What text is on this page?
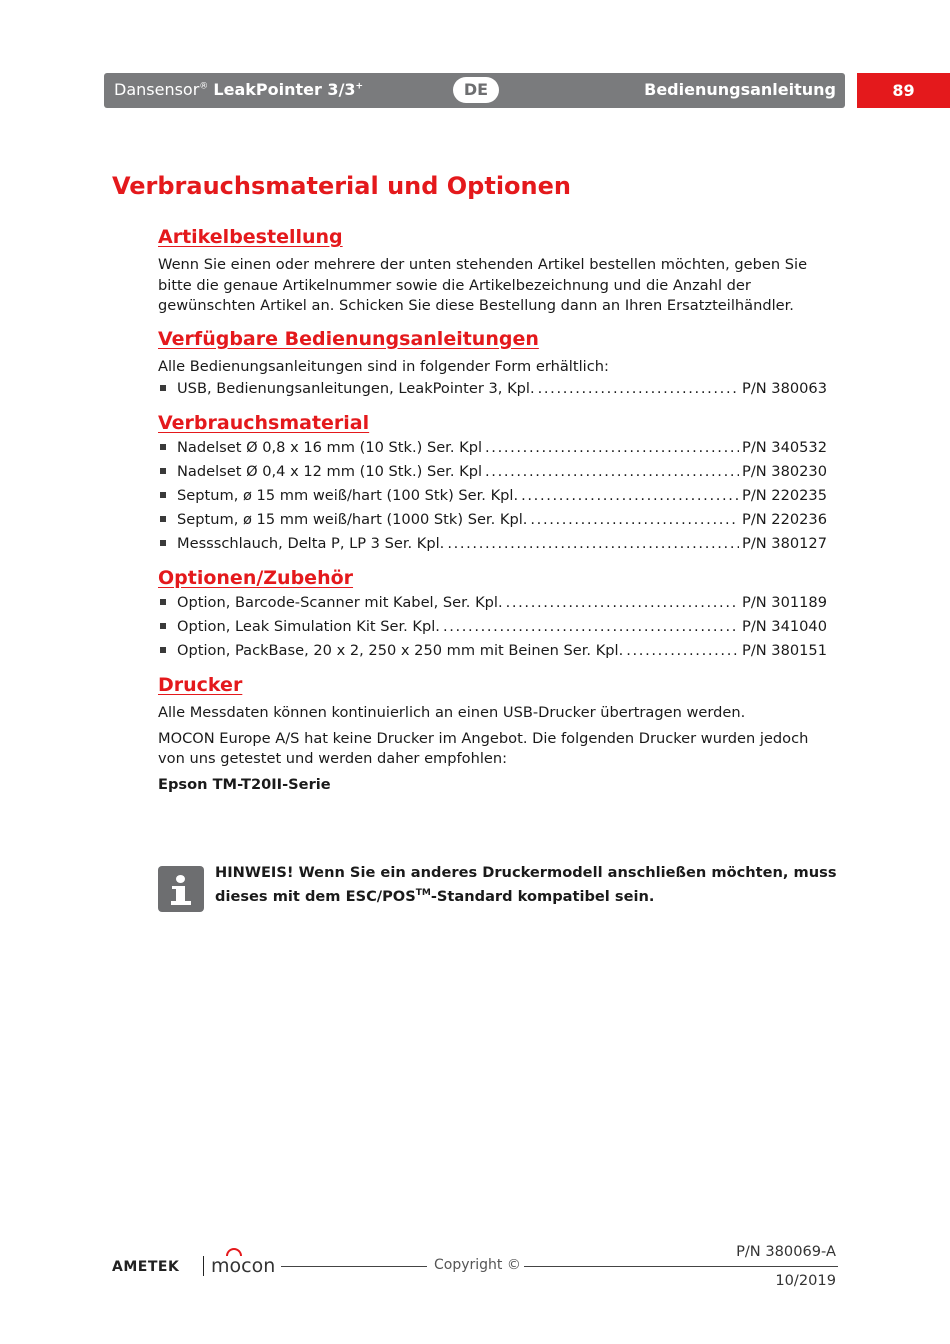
Dansensor® LeakPointer 3/3+	DE	Bedienungsanleitung	89
Verbrauchsmaterial und Optionen
Artikelbestellung

Wenn Sie einen oder mehrere der unten stehenden Artikel bestellen möchten, geben Sie bitte die genaue Artikelnummer sowie die Artikelbezeichnung und die Anzahl der gewünschten Artikel an. Schicken Sie diese Bestellung dann an Ihren Ersatzteilhändler.

Verfügbare Bedienungsanleitungen

Alle Bedienungsanleitungen sind in folgender Form erhältlich:

USB, Bedienungsanleitungen, LeakPointer 3, Kpl. . . .	P/N 380063
Verbrauchsmaterial
Nadelset Ø 0,8 x 16 mm (10 Stk.) Ser. Kpl . . .	P/N 340532
Nadelset Ø 0,4 x 12 mm (10 Stk.) Ser. Kpl . . .	P/N 380230
Septum, ø 15 mm weiß/hart (100 Stk) Ser. Kpl. . . .	P/N 220235
Septum, ø 15 mm weiß/hart (1000 Stk) Ser. Kpl. . . .	P/N 220236
Messschlauch, Delta P, LP 3 Ser. Kpl. . . .	P/N 380127
Optionen/Zubehör
Option, Barcode-Scanner mit Kabel, Ser. Kpl. . . .	P/N 301189
Option, Leak Simulation Kit Ser. Kpl. . . .	P/N 341040
Option, PackBase, 20 x 2, 250 x 250 mm mit Beinen Ser. Kpl. . . .	P/N 380151
Drucker

Alle Messdaten können kontinuierlich an einen USB-Drucker übertragen werden.

MOCON Europe A/S hat keine Drucker im Angebot. Die folgenden Drucker wurden jedoch von uns getestet und werden daher empfohlen:

Epson TM-T20II-Serie

HINWEIS! Wenn Sie ein anderes Druckermodell anschließen möchten, muss dieses mit dem ESC/POS™-Standard kompatibel sein.
AMETEK mocon	Copyright ©
P/N 380069-A
10/2019
